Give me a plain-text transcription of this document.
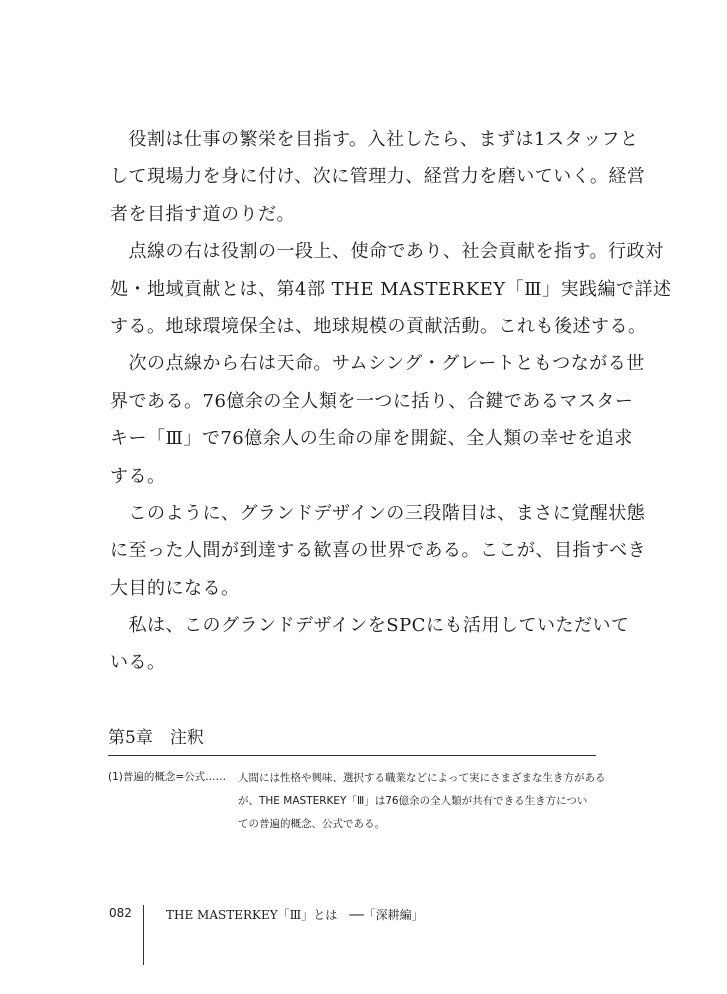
　役割は仕事の繁栄を目指す。入社したら、まずは1スタッフと
して現場力を身に付け、次に管理力、経営力を磨いていく。経営
者を目指す道のりだ。
　点線の右は役割の一段上、使命であり、社会貢献を指す。行政対
処・地域貢献とは、第4部 THE MASTERKEY「Ⅲ」実践編で詳述
する。地球環境保全は、地球規模の貢献活動。これも後述する。
　次の点線から右は天命。サムシング・グレートともつながる世
界である。76億余の全人類を一つに括り、合鍵であるマスター
キー「Ⅲ」で76億余人の生命の扉を開錠、全人類の幸せを追求
する。
　このように、グランドデザインの三段階目は、まさに覚醒状態
に至った人間が到達する歓喜の世界である。ここが、目指すべき
大目的になる。
　私は、このグランドデザインをSPCにも活用していただいて
いる。
第5章　注釈
(1)普遍的概念=公式…… 人間には性格や興味、選択する職業などによって実にさまざまな生き方がある
が、THE MASTERKEY「Ⅲ」は76億余の全人類が共有できる生き方につい
ての普遍的概念、公式である。
082	THE MASTERKEY「Ⅲ」とは　──「深耕編」
